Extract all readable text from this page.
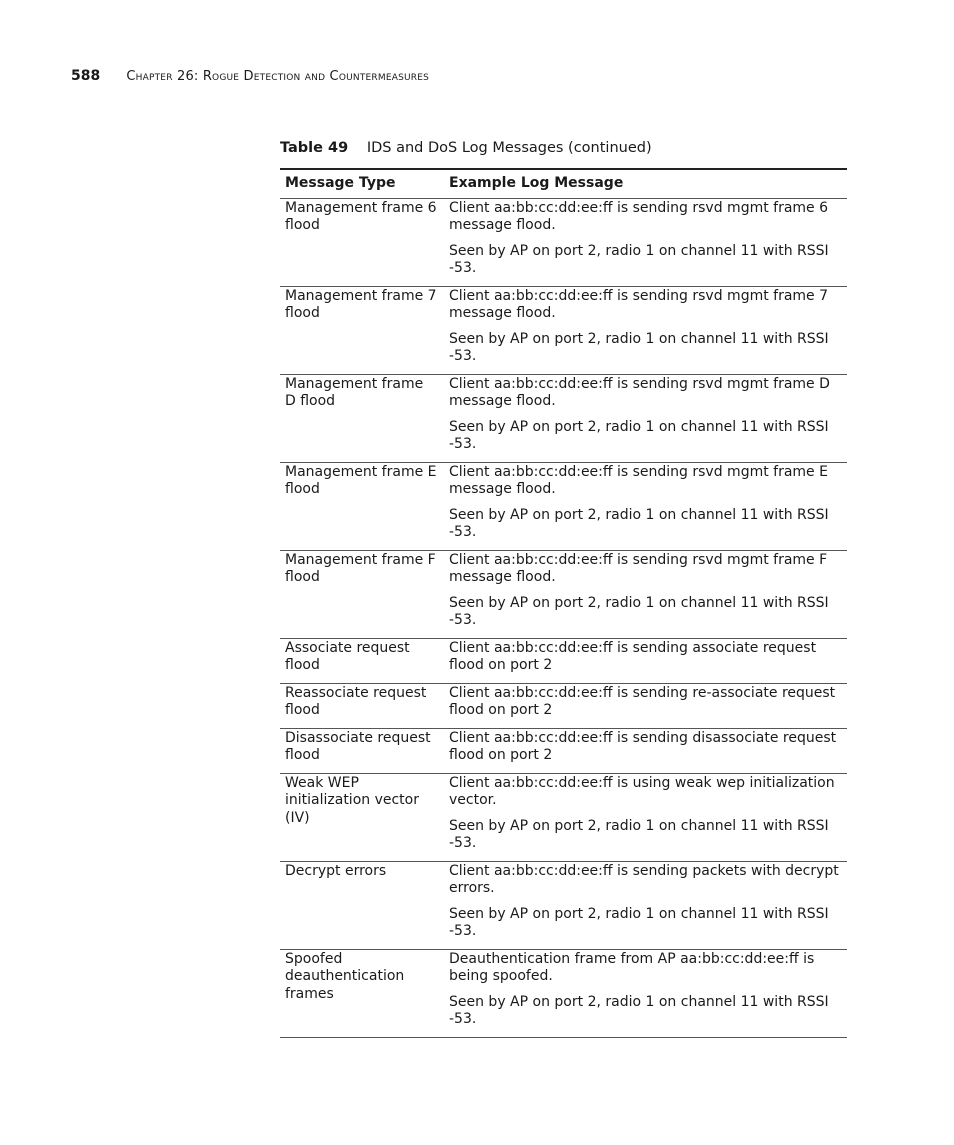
588 Chapter 26: Rogue Detection and Countermeasures
Table 49 IDS and DoS Log Messages (continued)
Message Type	Example Log Message
Management frame 6 flood	Client aa:bb:cc:dd:ee:ff is sending rsvd mgmt frame 6 message flood.
Seen by AP on port 2, radio 1 on channel 11 with RSSI -53.

Management frame 7 flood	Client aa:bb:cc:dd:ee:ff is sending rsvd mgmt frame 7 message flood.
Seen by AP on port 2, radio 1 on channel 11 with RSSI -53.

Management frame D flood	Client aa:bb:cc:dd:ee:ff is sending rsvd mgmt frame D message flood.
Seen by AP on port 2, radio 1 on channel 11 with RSSI -53.

Management frame E flood	Client aa:bb:cc:dd:ee:ff is sending rsvd mgmt frame E message flood.
Seen by AP on port 2, radio 1 on channel 11 with RSSI -53.

Management frame F flood	Client aa:bb:cc:dd:ee:ff is sending rsvd mgmt frame F message flood.
Seen by AP on port 2, radio 1 on channel 11 with RSSI -53.

Associate request flood	Client aa:bb:cc:dd:ee:ff is sending associate request flood on port 2

Reassociate request flood	Client aa:bb:cc:dd:ee:ff is sending re-associate request flood on port 2

Disassociate request flood	Client aa:bb:cc:dd:ee:ff is sending disassociate request flood on port 2

Weak WEP initialization vector (IV)	Client aa:bb:cc:dd:ee:ff is using weak wep initialization vector.
Seen by AP on port 2, radio 1 on channel 11 with RSSI -53.

Decrypt errors	Client aa:bb:cc:dd:ee:ff is sending packets with decrypt errors.
Seen by AP on port 2, radio 1 on channel 11 with RSSI -53.

Spoofed deauthentication frames	Deauthentication frame from AP aa:bb:cc:dd:ee:ff is being spoofed.
Seen by AP on port 2, radio 1 on channel 11 with RSSI -53.
